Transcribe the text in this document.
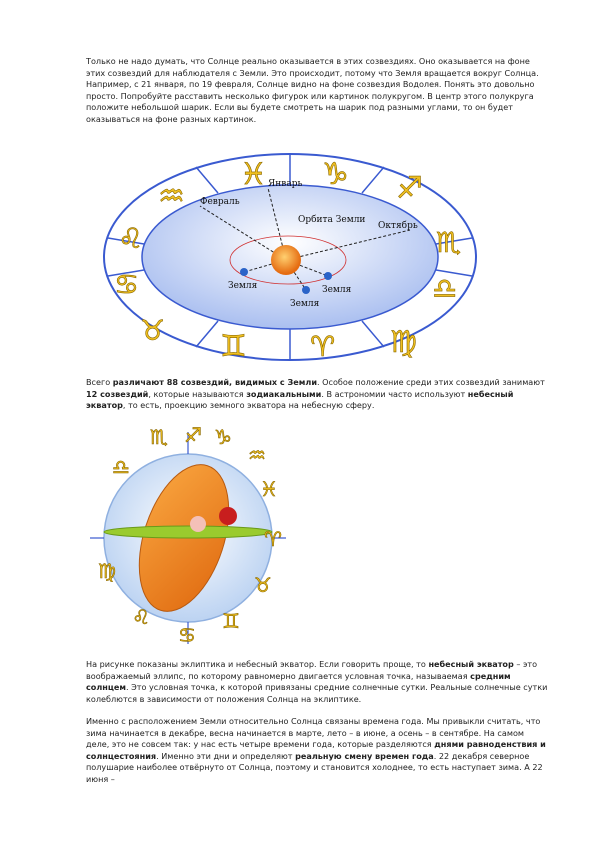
Только не надо думать, что Солнце реально оказывается в этих созвездиях. Оно оказывается на фоне этих созвездий для наблюдателя с Земли. Это происходит, потому что Земля вращается вокруг Солнца. Например, с 21 января, по 19 февраля, Солнце видно на фоне созвездия Водолея. Понять это довольно просто. Попробуйте расставить несколько фигурок или картинок полукругом. В центр этого полукруга положите небольшой шарик. Если вы будете смотреть на шарик под разными углами, то он будет оказываться на фоне разных картинок.

♓
♒
♑ ♐
♏
♎
♍
♌
♋
♊
♉	♈
Январь
Февраль
Орбита Земли
Октябрь
Земля
Земля
Земля

Всего различают 88 созвездий, видимых с Земли. Особое положение среди этих созвездий занимают 12 созвездий, которые называются зодиакальными. В астрономии часто используют небесный экватор, то есть, проекцию земного экватора на небесную сферу.

♏ ♐ ♑
♒
♓
♈
♉
♊
♋
♌
♍
♎

На рисунке показаны эклиптика и небесный экватор. Если говорить проще, то небесный экватор – это воображаемый эллипс, по которому равномерно двигается условная точка, называемая средним солнцем. Это условная точка, к которой привязаны средние солнечные сутки. Реальные солнечные сутки колеблются в зависимости от положения Солнца на эклиптике.

Именно с расположением Земли относительно Солнца связаны времена года. Мы привыкли считать, что зима начинается в декабре, весна начинается в марте, лето – в июне, а осень – в сентябре. На самом деле, это не совсем так: у нас есть четыре времени года, которые разделяются днями равноденствия и солнцестояния. Именно эти дни и определяют реальную смену времен года. 22 декабря северное полушарие наиболее отвёрнуто от Солнца, поэтому и становится холоднее, то есть наступает зима. А 22 июня –
